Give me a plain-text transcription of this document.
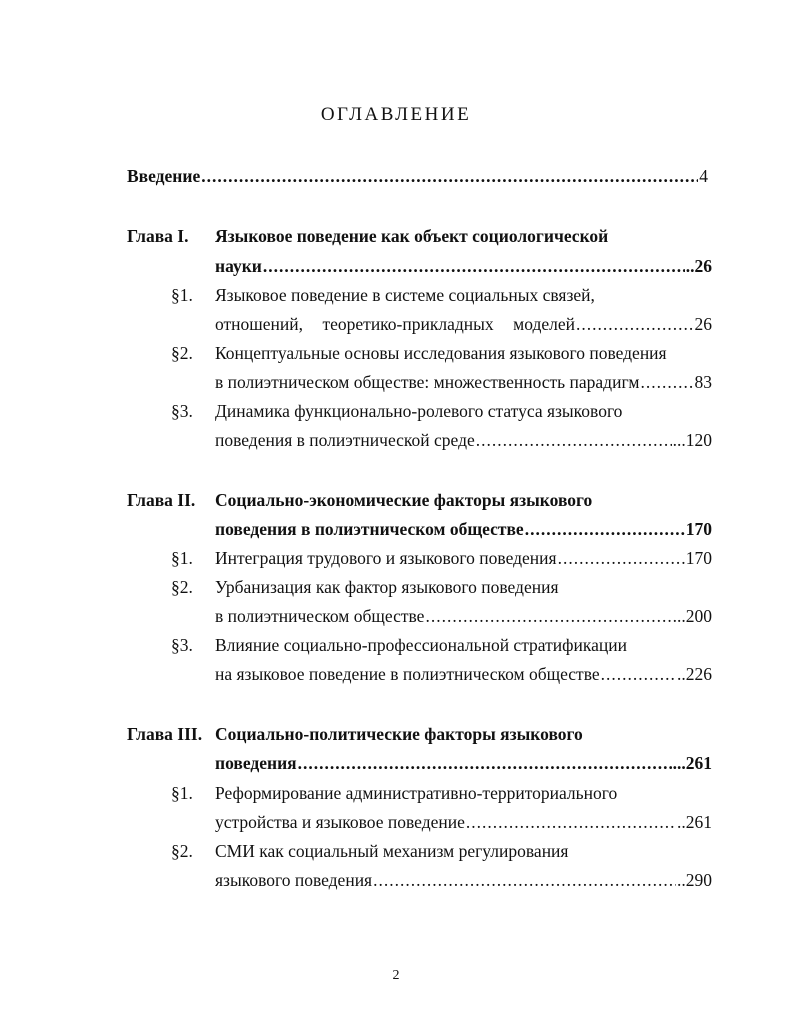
ОГЛАВЛЕНИЕ
Введение .....	4
Глава I. Языковое поведение как объект социологической
науки .....	..26
§1. Языковое поведение в системе социальных связей,
отношений, теоретико-прикладных моделей .....	26
§2. Концептуальные основы исследования языкового поведения
в полиэтническом обществе: множественность парадигм .....	83
§3. Динамика функционально-ролевого статуса языкового
поведения в полиэтнической среде .....	...120
Глава II. Социально-экономические факторы языкового
поведения в полиэтническом обществе .....	170
§1. Интеграция трудового и языкового поведения .....	170
§2. Урбанизация как фактор языкового поведения
в полиэтническом обществе .....	...200
§3. Влияние социально-профессиональной стратификации
на языковое поведение в полиэтническом обществе .....	..226
Глава III. Социально-политические факторы языкового
поведения .....	...261
§1. Реформирование административно-территориального
устройства и языковое поведение .....	..261
§2. СМИ как социальный механизм регулирования
языкового поведения .....	..290
2
